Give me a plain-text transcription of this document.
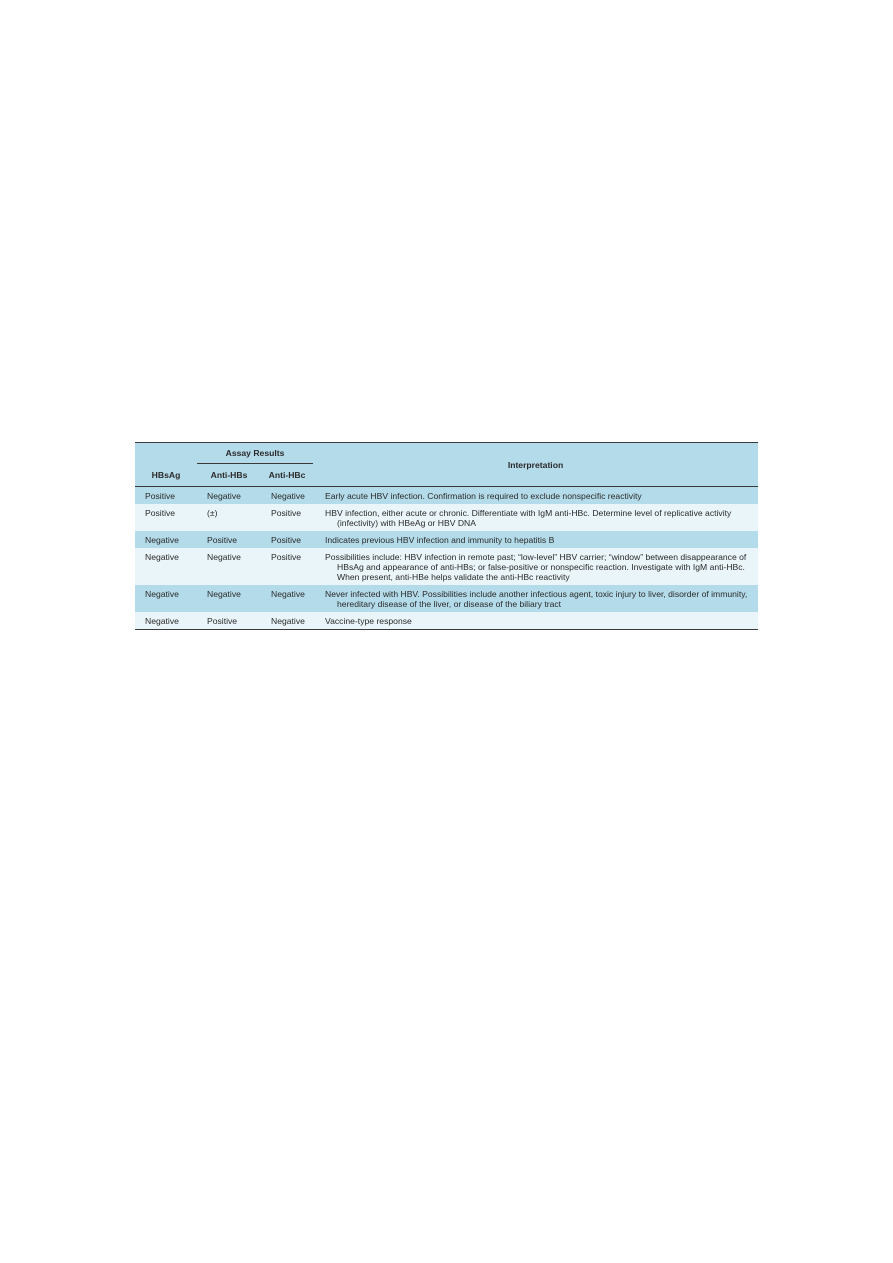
	Assay Results		Interpretation
HBsAg	Anti-HBs	Anti-HBc	
Positive	Negative	Negative	Early acute HBV infection. Confirmation is required to exclude nonspecific reactivity

Positive	(±)	Positive	HBV infection, either acute or chronic. Differentiate with IgM anti-HBc. Determine level of replicative activity (infectivity) with HBeAg or HBV DNA

Negative	Positive	Positive	Indicates previous HBV infection and immunity to hepatitis B

Negative	Negative	Positive	Possibilities include: HBV infection in remote past; “low-level” HBV carrier; “window” between disappearance of HBsAg and appearance of anti-HBs; or false-positive or nonspecific reaction. Investigate with IgM anti-HBc. When present, anti-HBe helps validate the anti-HBc reactivity

Negative	Negative	Negative	Never infected with HBV. Possibilities include another infectious agent, toxic injury to liver, disorder of immunity, hereditary disease of the liver, or disease of the biliary tract

Negative	Positive	Negative	Vaccine-type response
